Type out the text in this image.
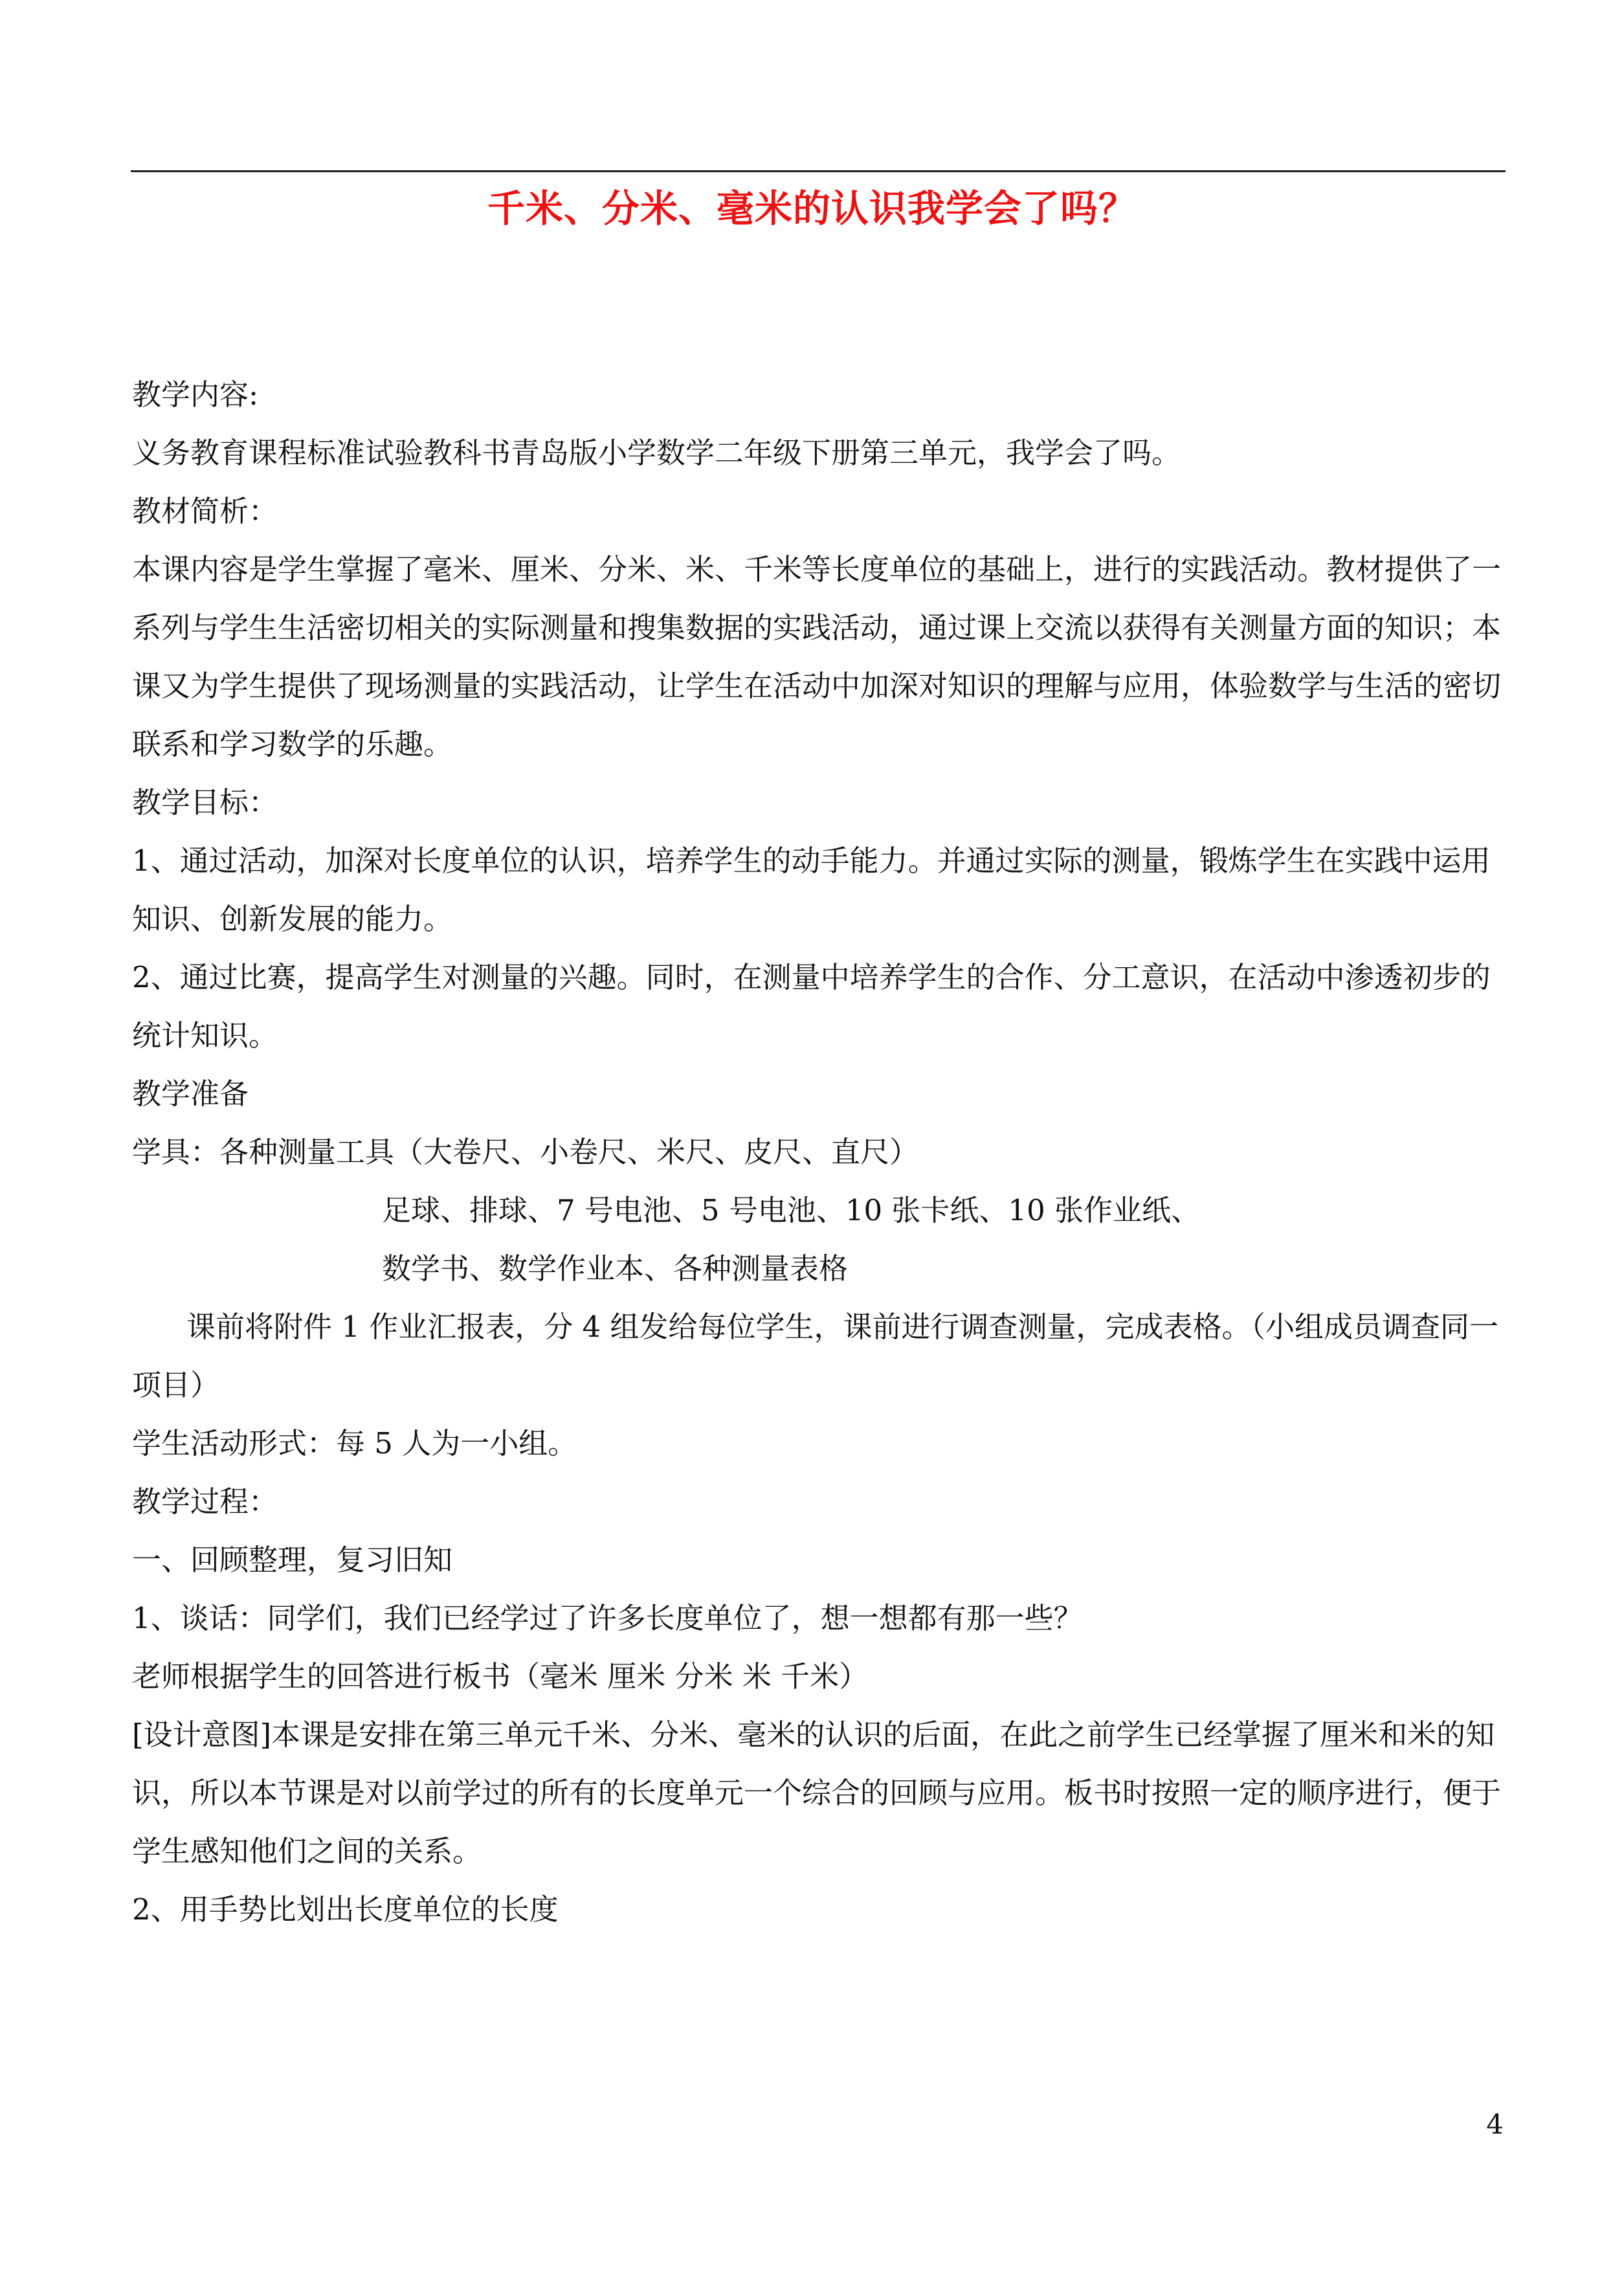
千米、分米、毫米的认识我学会了吗？

教学内容:

义务教育课程标准试验教科书青岛版小学数学二年级下册第三单元，我学会了吗。

教材简析：

本课内容是学生掌握了毫米、厘米、分米、米、千米等长度单位的基础上，进行的实践活动。教材提供了一系列与学生生活密切相关的实际测量和搜集数据的实践活动，通过课上交流以获得有关测量方面的知识；本课又为学生提供了现场测量的实践活动，让学生在活动中加深对知识的理解与应用，体验数学与生活的密切联系和学习数学的乐趣。

教学目标：

1、通过活动，加深对长度单位的认识，培养学生的动手能力。并通过实际的测量，锻炼学生在实践中运用知识、创新发展的能力。

2、通过比赛，提高学生对测量的兴趣。同时，在测量中培养学生的合作、分工意识，在活动中渗透初步的统计知识。

教学准备

学具：各种测量工具（大卷尺、小卷尺、米尺、皮尺、直尺）

足球、排球、7 号电池、5 号电池、10 张卡纸、10 张作业纸、

数学书、数学作业本、各种测量表格

课前将附件 1 作业汇报表，分 4 组发给每位学生，课前进行调查测量，完成表格。（小组成员调查同一项目）

学生活动形式：每 5 人为一小组。

教学过程：

一、回顾整理，复习旧知

1、谈话：同学们，我们已经学过了许多长度单位了，想一想都有那一些？

老师根据学生的回答进行板书（毫米 厘米 分米 米 千米）

[设计意图]本课是安排在第三单元千米、分米、毫米的认识的后面，在此之前学生已经掌握了厘米和米的知识，所以本节课是对以前学过的所有的长度单元一个综合的回顾与应用。板书时按照一定的顺序进行，便于学生感知他们之间的关系。

2、用手势比划出长度单位的长度

4
